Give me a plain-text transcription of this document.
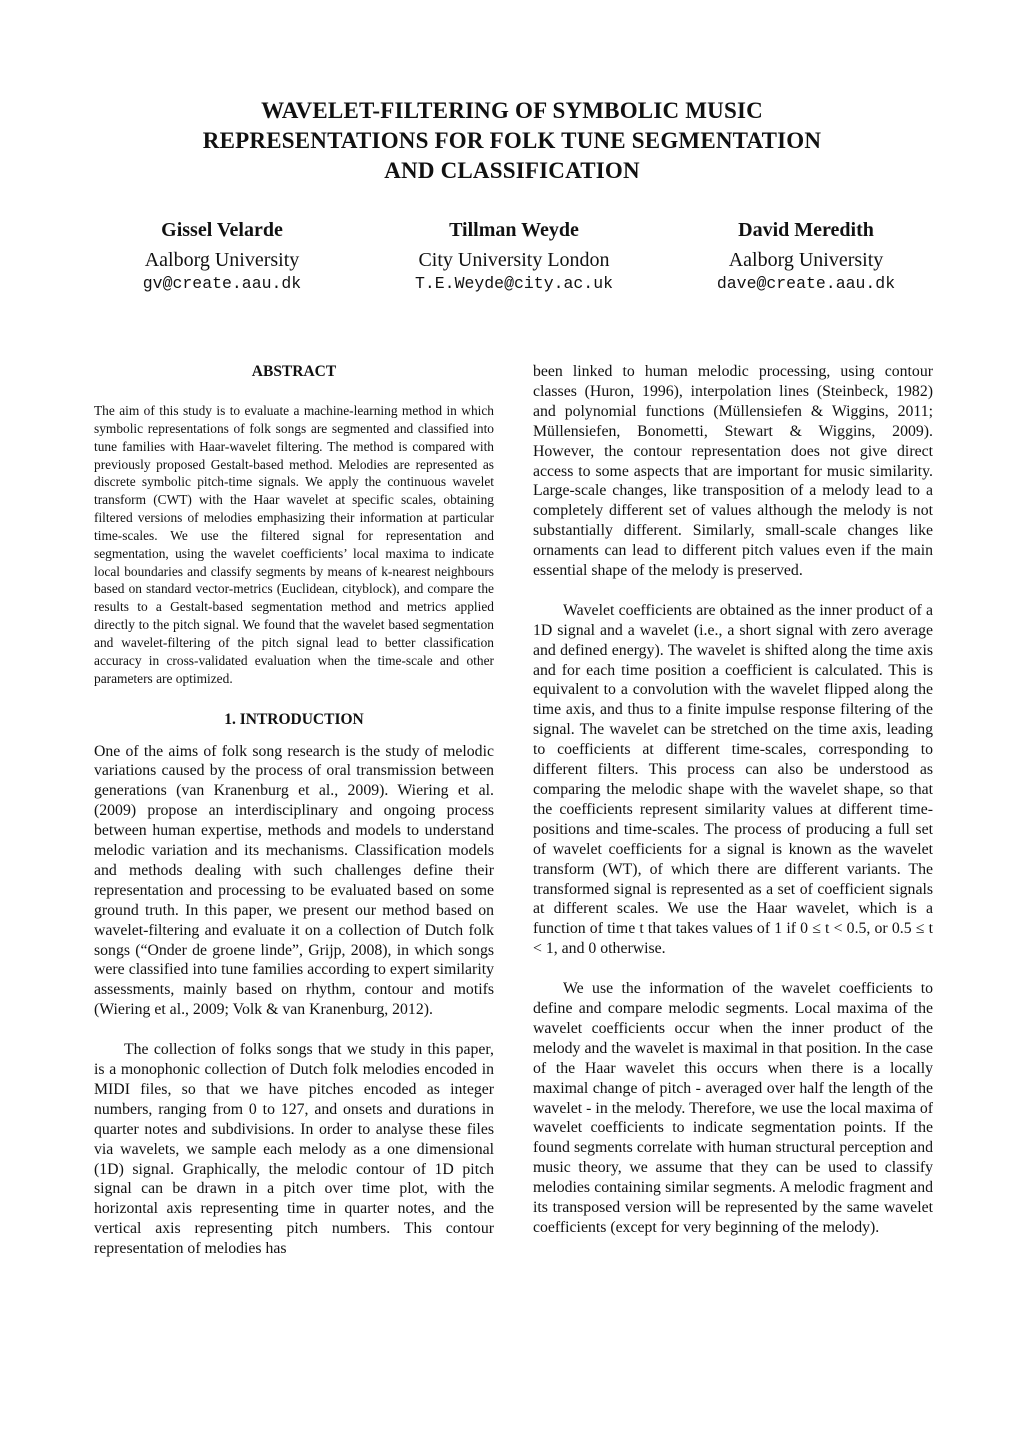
WAVELET-FILTERING OF SYMBOLIC MUSIC
REPRESENTATIONS FOR FOLK TUNE SEGMENTATION
AND CLASSIFICATION
Gissel Velarde
Aalborg University
gv@create.aau.dk
Tillman Weyde
City University London
T.E.Weyde@city.ac.uk
David Meredith
Aalborg University
dave@create.aau.dk
ABSTRACT

The aim of this study is to evaluate a machine-learning method in which symbolic representations of folk songs are segmented and classified into tune families with Haar-wavelet filtering. The method is compared with previously proposed Gestalt-based method. Melodies are represented as discrete symbolic pitch-time signals. We apply the continuous wavelet transform (CWT) with the Haar wavelet at specific scales, obtaining filtered versions of melodies emphasizing their information at particular time-scales. We use the filtered signal for representation and segmentation, using the wavelet coefficients’ local maxima to indicate local boundaries and classify segments by means of k-nearest neighbours based on standard vector-metrics (Euclidean, cityblock), and compare the results to a Gestalt-based segmentation method and metrics applied directly to the pitch signal. We found that the wavelet based segmentation and wavelet-filtering of the pitch signal lead to better classification accuracy in cross-validated evaluation when the time-scale and other parameters are optimized.

1. INTRODUCTION

One of the aims of folk song research is the study of melodic variations caused by the process of oral transmission between generations (van Kranenburg et al., 2009). Wiering et al. (2009) propose an interdisciplinary and ongoing process between human expertise, methods and models to understand melodic variation and its mechanisms. Classification models and methods dealing with such challenges define their representation and processing to be evaluated based on some ground truth. In this paper, we present our method based on wavelet-filtering and evaluate it on a collection of Dutch folk songs (“Onder de groene linde”, Grijp, 2008), in which songs were classified into tune families according to expert similarity assessments, mainly based on rhythm, contour and motifs (Wiering et al., 2009; Volk & van Kranenburg, 2012).

The collection of folks songs that we study in this paper, is a monophonic collection of Dutch folk melodies encoded in MIDI files, so that we have pitches encoded as integer numbers, ranging from 0 to 127, and onsets and durations in quarter notes and subdivisions. In order to analyse these files via wavelets, we sample each melody as a one dimensional (1D) signal. Graphically, the melodic contour of 1D pitch signal can be drawn in a pitch over time plot, with the horizontal axis representing time in quarter notes, and the vertical axis representing pitch numbers. This contour representation of melodies has

been linked to human melodic processing, using contour classes (Huron, 1996), interpolation lines (Steinbeck, 1982) and polynomial functions (Müllensiefen & Wiggins, 2011; Müllensiefen, Bonometti, Stewart & Wiggins, 2009). However, the contour representation does not give direct access to some aspects that are important for music similarity. Large-scale changes, like transposition of a melody lead to a completely different set of values although the melody is not substantially different. Similarly, small-scale changes like ornaments can lead to different pitch values even if the main essential shape of the melody is preserved.

Wavelet coefficients are obtained as the inner product of a 1D signal and a wavelet (i.e., a short signal with zero average and defined energy). The wavelet is shifted along the time axis and for each time position a coefficient is calculated. This is equivalent to a convolution with the wavelet flipped along the time axis, and thus to a finite impulse response filtering of the signal. The wavelet can be stretched on the time axis, leading to coefficients at different time-scales, corresponding to different filters. This process can also be understood as comparing the melodic shape with the wavelet shape, so that the coefficients represent similarity values at different time-positions and time-scales. The process of producing a full set of wavelet coefficients for a signal is known as the wavelet transform (WT), of which there are different variants. The transformed signal is represented as a set of coefficient signals at different scales. We use the Haar wavelet, which is a function of time t that takes values of 1 if 0 ≤ t < 0.5, or 0.5 ≤ t < 1, and 0 otherwise.

We use the information of the wavelet coefficients to define and compare melodic segments. Local maxima of the wavelet coefficients occur when the inner product of the melody and the wavelet is maximal in that position. In the case of the Haar wavelet this occurs when there is a locally maximal change of pitch - averaged over half the length of the wavelet - in the melody. Therefore, we use the local maxima of wavelet coefficients to indicate segmentation points. If the found segments correlate with human structural perception and music theory, we assume that they can be used to classify melodies containing similar segments. A melodic fragment and its transposed version will be represented by the same wavelet coefficients (except for very beginning of the melody).
